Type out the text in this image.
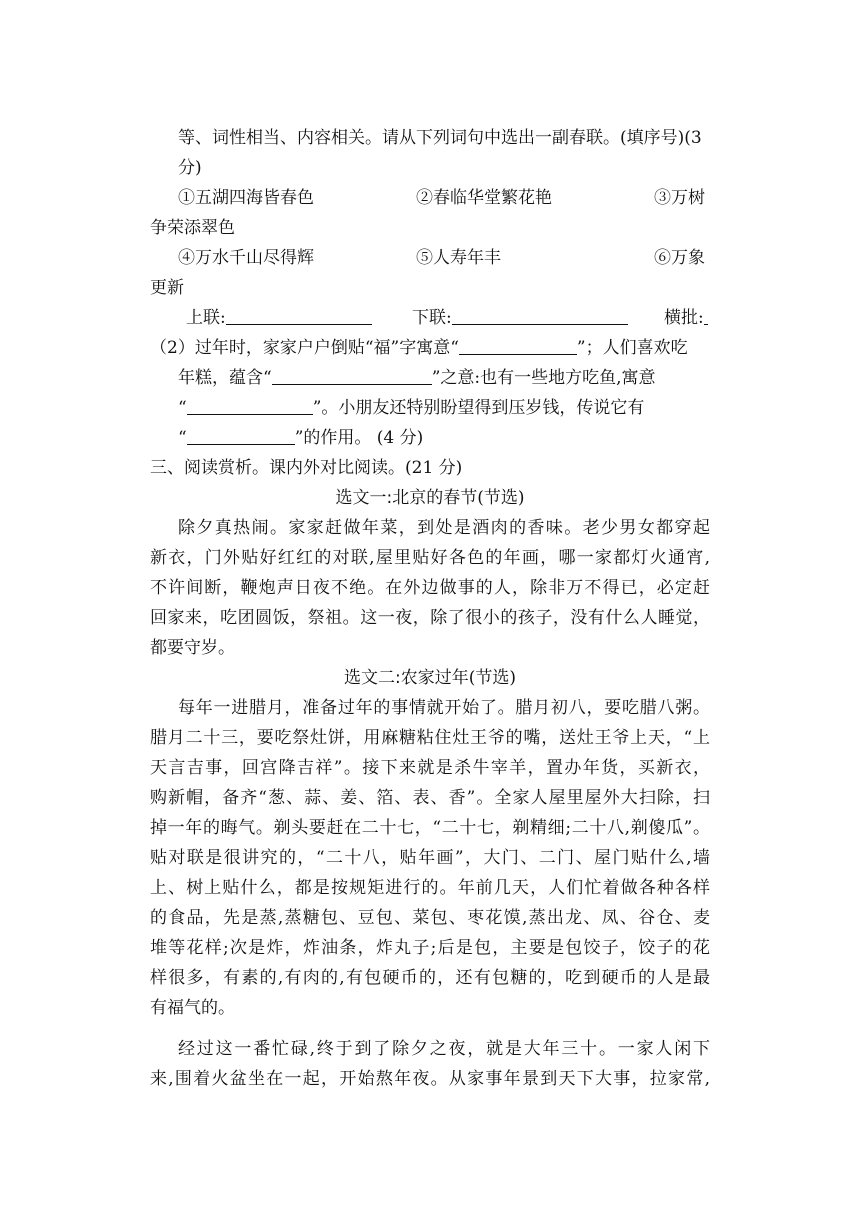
等、词性相当、内容相关。请从下列词句中选出一副春联。(填序号)(3
分)
①五湖四海皆春色	②春临华堂繁花艳	③万树
争荣添翠色
④万水千山尽得辉	⑤人寿年丰	⑥万象
更新
上联:	下联:	横批:
（2）过年时，家家户户倒贴“福”字寓意“	”；人们喜欢吃
年糕，蕴含“	”之意:也有一些地方吃鱼,寓意
“	”。小朋友还特别盼望得到压岁钱，传说它有
“	”的作用。 (4 分)
三、阅读赏析。课内外对比阅读。(21 分)
选文一:北京的春节(节选)
除夕真热闹。家家赶做年菜，到处是酒肉的香味。老少男女都穿起
新衣，门外贴好红红的对联,屋里贴好各色的年画，哪一家都灯火通宵,
不许间断，鞭炮声日夜不绝。在外边做事的人，除非万不得已，必定赶
回家来，吃团圆饭，祭祖。这一夜，除了很小的孩子，没有什么人睡觉，
都要守岁。
选文二:农家过年(节选)
每年一进腊月，准备过年的事情就开始了。腊月初八，要吃腊八粥。
腊月二十三，要吃祭灶饼，用麻糖粘住灶王爷的嘴，送灶王爷上天，“上
天言吉事，回宫降吉祥”。接下来就是杀牛宰羊，置办年货，买新衣，
购新帽，备齐“葱、蒜、姜、箔、表、香”。全家人屋里屋外大扫除，扫
掉一年的晦气。剃头要赶在二十七，“二十七，剃精细;二十八,剃傻瓜”。
贴对联是很讲究的，“二十八，贴年画”，大门、二门、屋门贴什么,墙
上、树上贴什么，都是按规矩进行的。年前几天，人们忙着做各种各样
的食品，先是蒸,蒸糖包、豆包、菜包、枣花馍,蒸出龙、凤、谷仓、麦
堆等花样;次是炸，炸油条，炸丸子;后是包，主要是包饺子，饺子的花
样很多，有素的,有肉的,有包硬币的，还有包糖的，吃到硬币的人是最
有福气的。
经过这一番忙碌,终于到了除夕之夜，就是大年三十。一家人闲下
来,围着火盆坐在一起，开始熬年夜。从家事年景到天下大事，拉家常,
